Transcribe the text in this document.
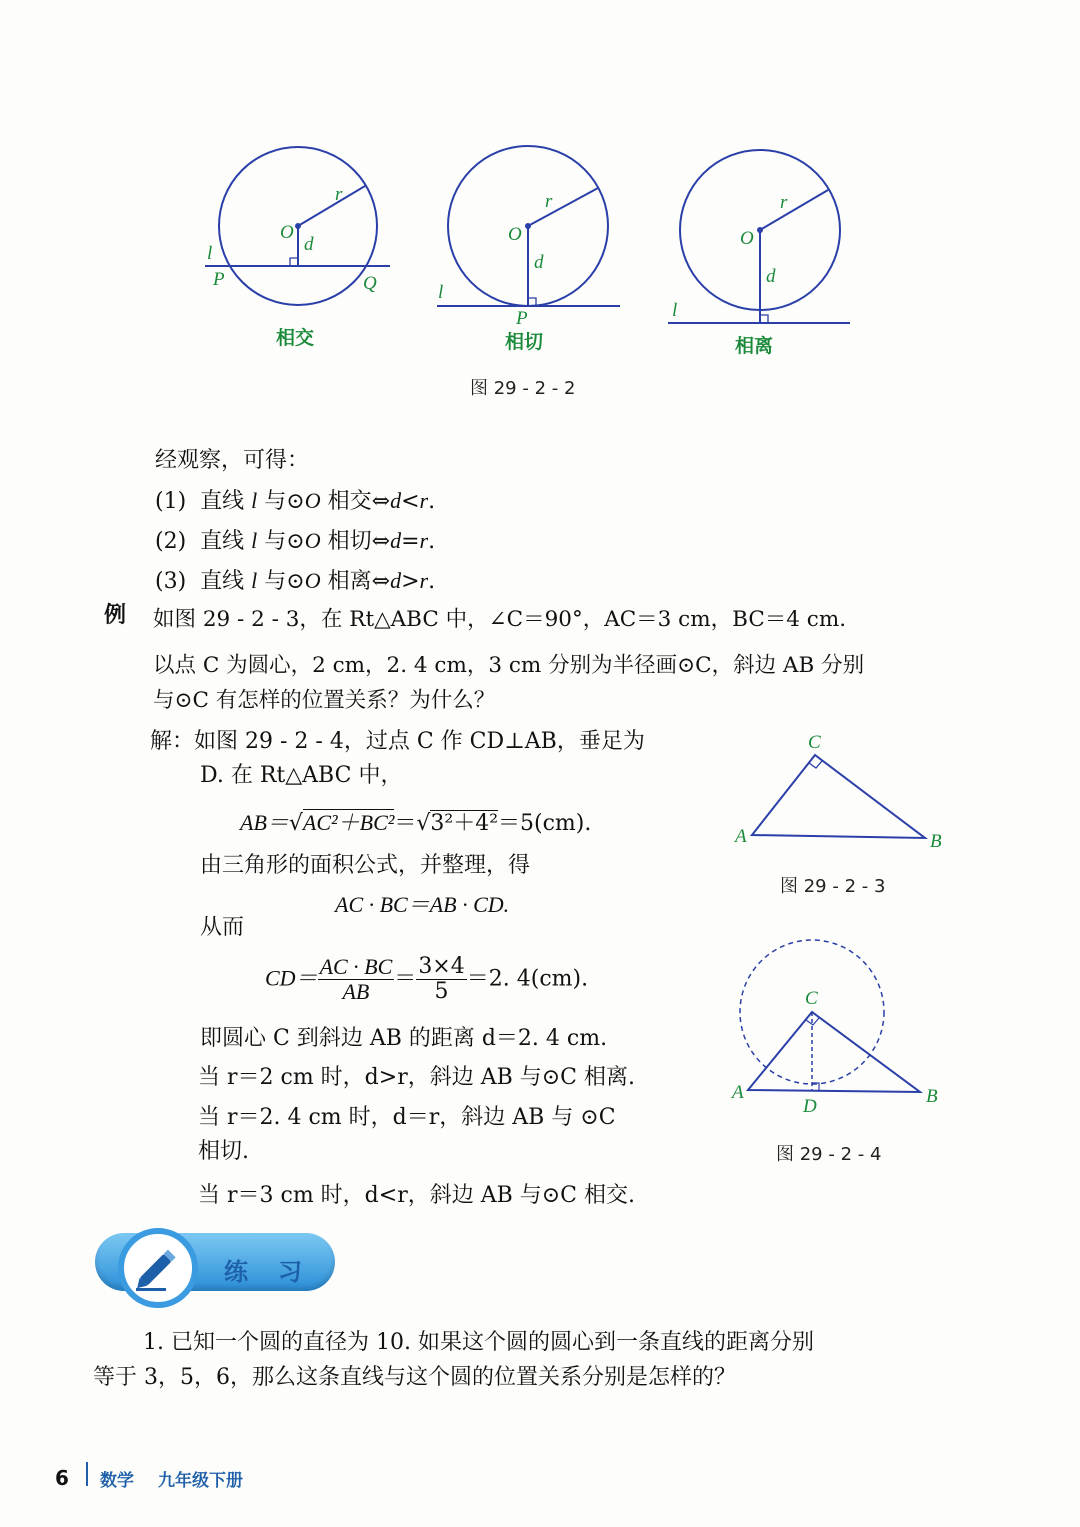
O
r
d
l
P	Q
相交
O
r
d
l
P
相切
O
r
d
l
相离
图 29 - 2 - 2
经观察，可得：
(1) 直线 l 与⊙O 相交⇔d<r.
(2) 直线 l 与⊙O 相切⇔d=r.
(3) 直线 l 与⊙O 相离⇔d>r.
例 如图 29 - 2 - 3，在 Rt△ABC 中，∠C＝90°，AC＝3 cm，BC＝4 cm.
以点 C 为圆心，2 cm，2. 4 cm，3 cm 分别为半径画⊙C，斜边 AB 分别
与⊙C 有怎样的位置关系？为什么？
解：如图 29 - 2 - 4，过点 C 作 CD⊥AB，垂足为
D. 在 Rt△ABC 中，
AB＝√AC²＋BC²＝√3²＋4²＝5(cm).
由三角形的面积公式，并整理，得
AC · BC＝AB · CD.
从而
$CD= \frac{AC \cdot BC}{AB} = \frac{3\times 4}{5} =2$. 4(cm).
即圆心 C 到斜边 AB 的距离 d＝2. 4 cm.
当 r＝2 cm 时，d>r，斜边 AB 与⊙C 相离.
当 r＝2. 4 cm 时，d＝r，斜边 AB 与 ⊙C
相切.
当 r＝3 cm 时，d<r，斜边 AB 与⊙C 相交.
C
A	B
图 29 - 2 - 3
C
A	B
D
图 29 - 2 - 4
练习
1. 已知一个圆的直径为 10. 如果这个圆的圆心到一条直线的距离分别
等于 3，5，6，那么这条直线与这个圆的位置关系分别是怎样的？
6 数学 九年级下册
